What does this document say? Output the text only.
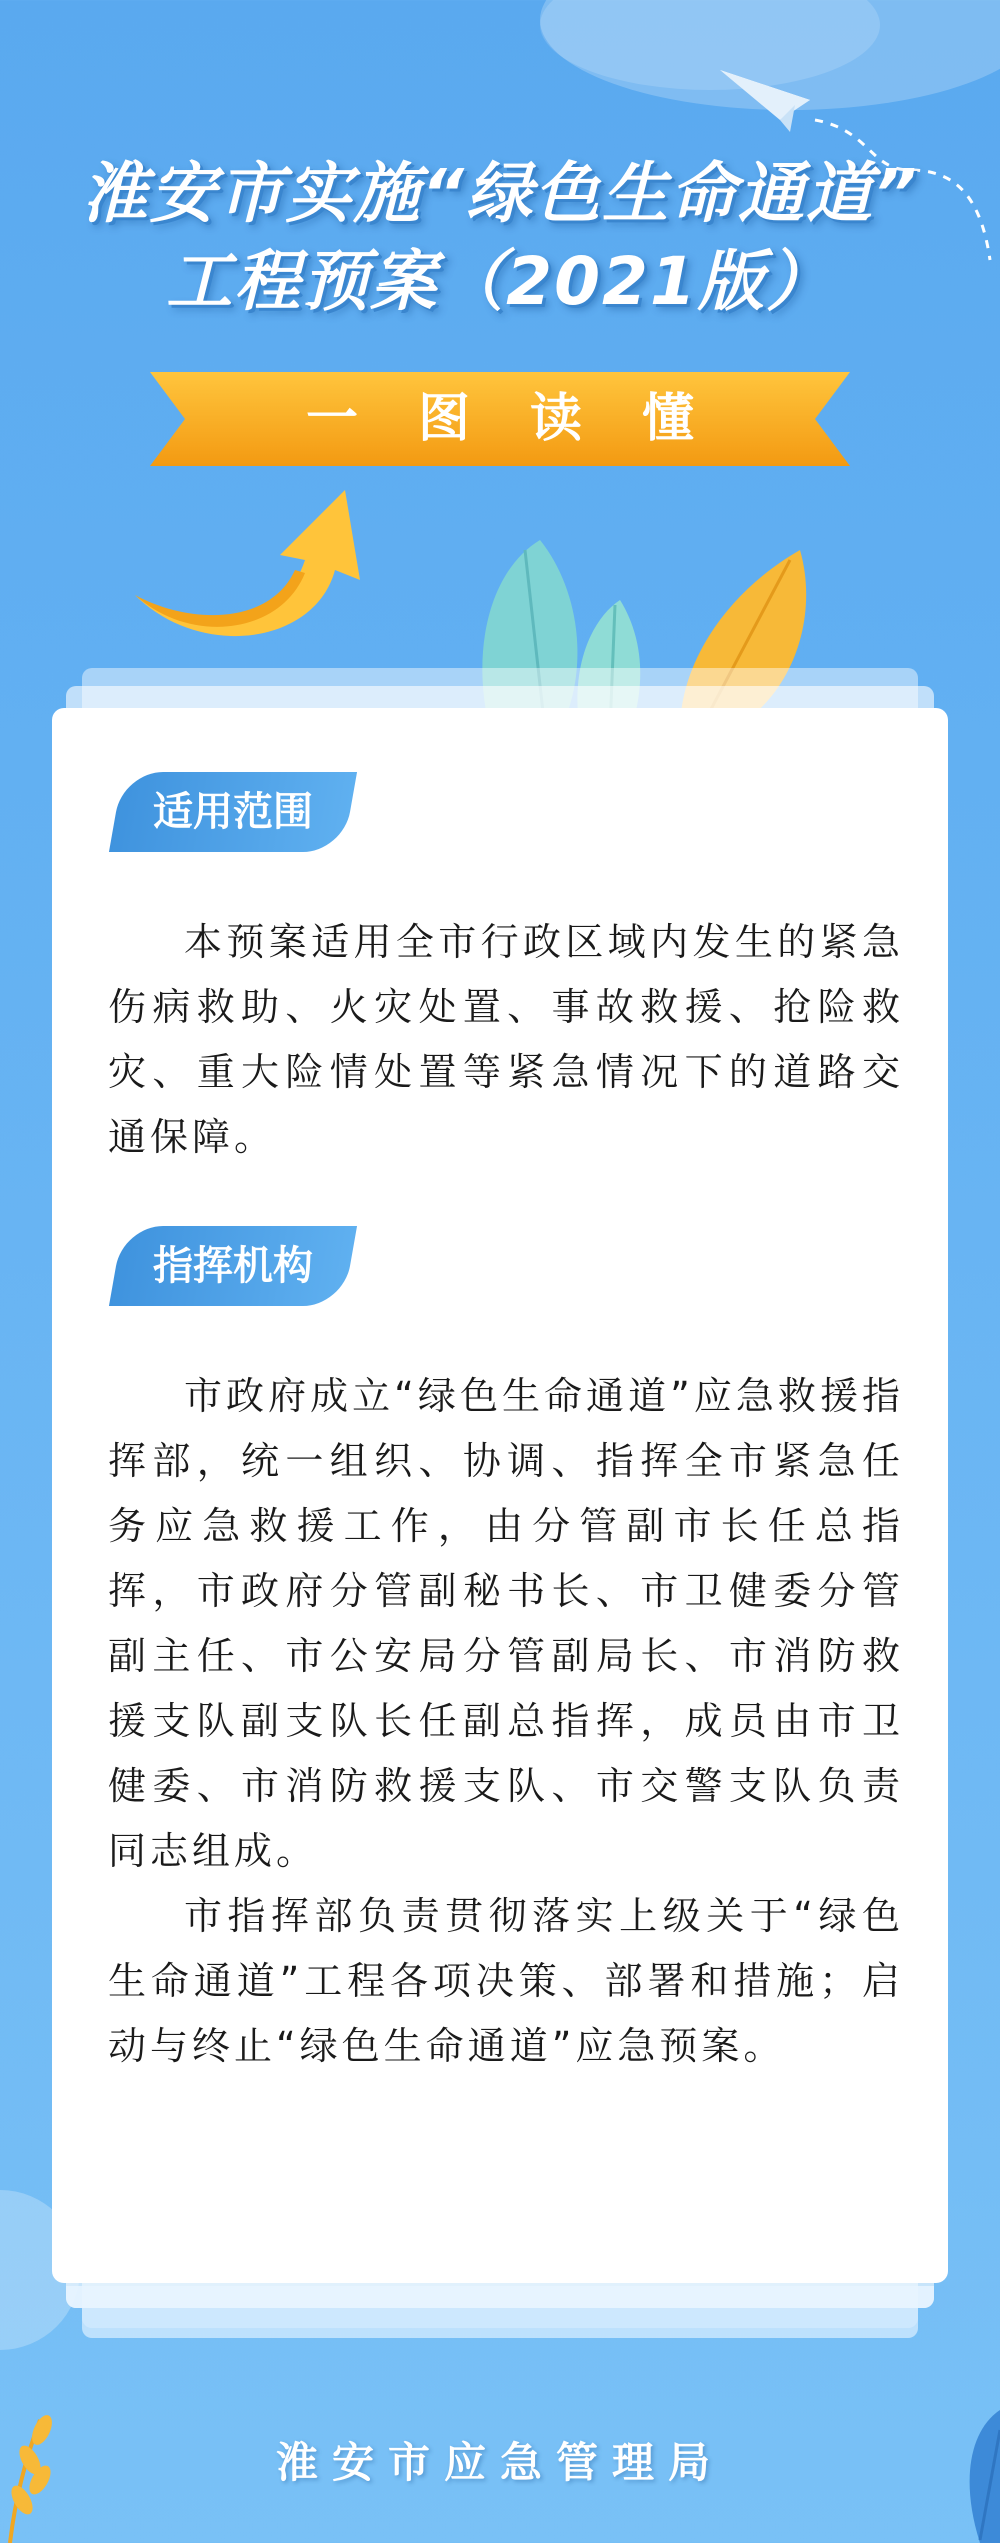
淮安市实施“绿色生命通道”
工程预案（2021版）
一图读懂
适用范围

本预案适用全市行政区域内发生的紧急伤病救助、火灾处置、事故救援、抢险救灾、重大险情处置等紧急情况下的道路交通保障。

指挥机构

市政府成立“绿色生命通道”应急救援指挥部，统一组织、协调、指挥全市紧急任务应急救援工作，由分管副市长任总指挥，市政府分管副秘书长、市卫健委分管副主任、市公安局分管副局长、市消防救援支队副支队长任副总指挥，成员由市卫健委、市消防救援支队、市交警支队负责同志组成。

市指挥部负责贯彻落实上级关于“绿色生命通道”工程各项决策、部署和措施；启动与终止“绿色生命通道”应急预案。

淮安市应急管理局
